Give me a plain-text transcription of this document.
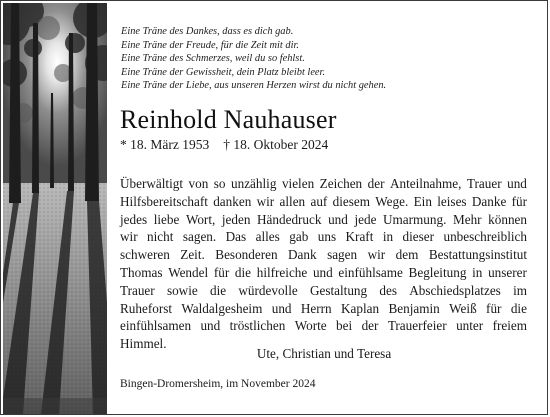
Eine Träne des Dankes, dass es dich gab.
Eine Träne der Freude, für die Zeit mit dir.
Eine Träne des Schmerzes, weil du so fehlst.
Eine Träne der Gewissheit, dein Platz bleibt leer.
Eine Träne der Liebe, aus unseren Herzen wirst du nicht gehen.
Reinhold Nauhauser
* 18. März 1953 † 18. Oktober 2024
Überwältigt von so unzählig vielen Zeichen der Anteilnahme, Trauer und
Hilfsbereitschaft danken wir allen auf diesem Wege. Ein leises Danke für
jedes liebe Wort, jeden Händedruck und jede Umarmung. Mehr können
wir nicht sagen. Das alles gab uns Kraft in dieser unbeschreiblich
schweren Zeit. Besonderen Dank sagen wir dem Bestattungsinstitut
Thomas Wendel für die hilfreiche und einfühlsame Begleitung in unserer
Trauer sowie die würdevolle Gestaltung des Abschiedsplatzes im
Ruheforst Waldalgesheim und Herrn Kaplan Benjamin Weiß für die
einfühlsamen und tröstlichen Worte bei der Trauerfeier unter freiem
Himmel.
Ute, Christian und Teresa
Bingen-Dromersheim, im November 2024
